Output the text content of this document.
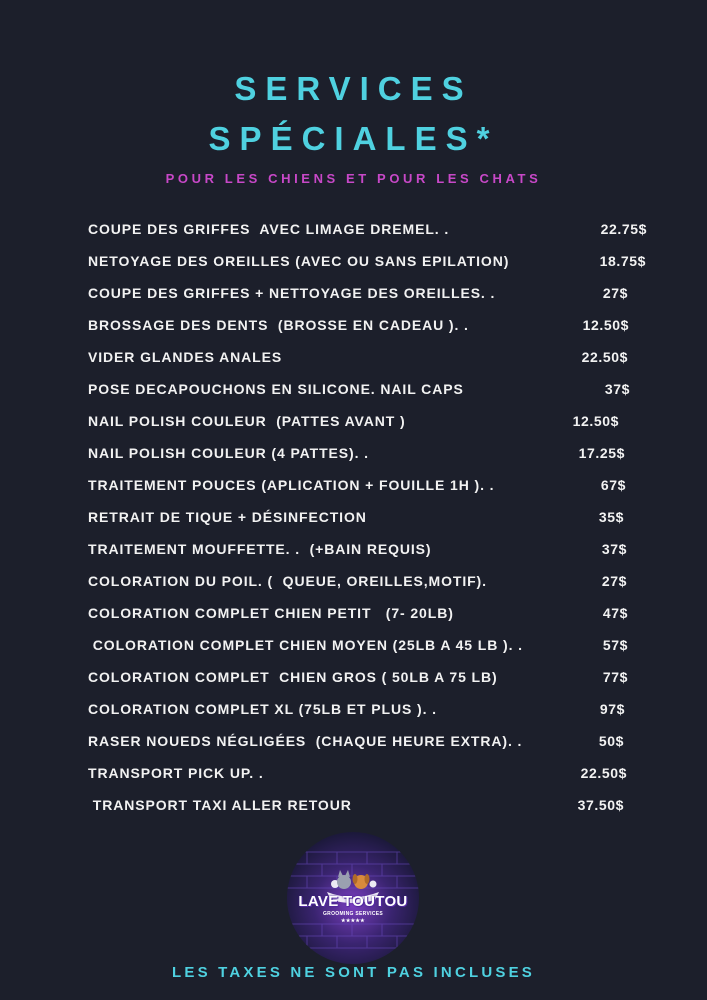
SERVICES
SPÉCIALES*
POUR LES CHIENS ET POUR LES CHATS
COUPE DES GRIFFES  AVEC LIMAGE DREMEL. .	22.75$
NETOYAGE DES OREILLES (AVEC OU SANS EPILATION)	18.75$
COUPE DES GRIFFES + NETTOYAGE DES OREILLES. .	27$
BROSSAGE DES DENTS  (BROSSE EN CADEAU ). .	12.50$
VIDER GLANDES ANALES	22.50$
POSE DECAPOUCHONS EN SILICONE. NAIL CAPS	37$
NAIL POLISH COULEUR  (PATTES AVANT )	12.50$
NAIL POLISH COULEUR (4 PATTES). .	17.25$
TRAITEMENT POUCES (APLICATION + FOUILLE 1H ). .	67$
RETRAIT DE TIQUE + DÉSINFECTION	35$
TRAITEMENT MOUFFETTE. .  (+BAIN REQUIS)	37$
COLORATION DU POIL. (  QUEUE, OREILLES,MOTIF).	27$
COLORATION COMPLET CHIEN PETIT   (7- 20LB)	47$
COLORATION COMPLET CHIEN MOYEN (25LB A 45 LB ). .	57$
COLORATION COMPLET  CHIEN GROS ( 50LB A 75 LB)	77$
COLORATION COMPLET XL (75LB ET PLUS ). .	97$
RASER NOUEDS NÉGLIGÉES  (CHAQUE HEURE EXTRA). .	50$
TRANSPORT PICK UP. .	22.50$
TRANSPORT TAXI ALLER RETOUR	37.50$
LAVE TOUTOU
GROOMING SERVICES
★★★★★
LES TAXES NE SONT PAS INCLUSES
